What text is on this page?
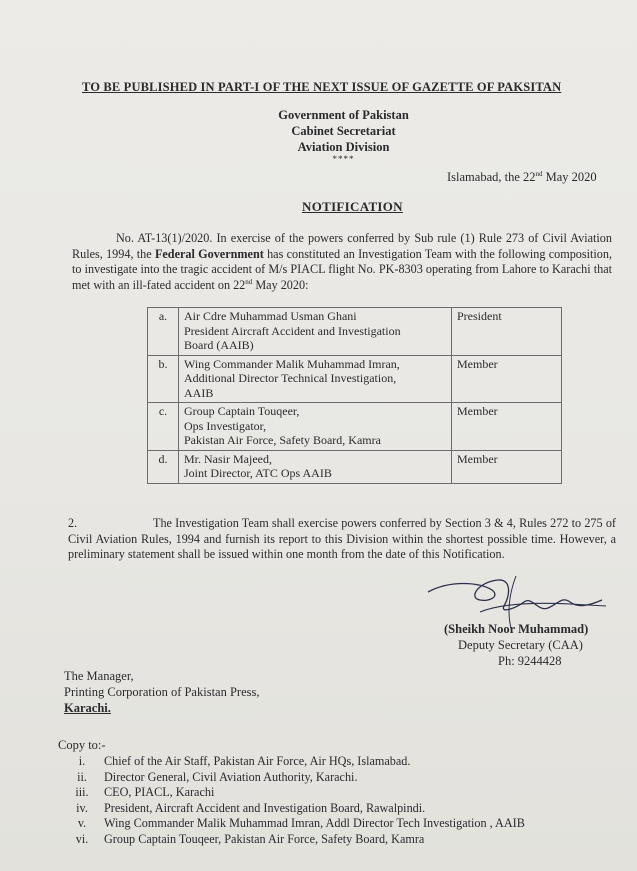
TO BE PUBLISHED IN PART-I OF THE NEXT ISSUE OF GAZETTE OF PAKSITAN
Government of Pakistan
Cabinet Secretariat
Aviation Division
****
Islamabad, the 22nd May 2020
NOTIFICATION
No. AT-13(1)/2020. In exercise of the powers conferred by Sub rule (1) Rule 273 of Civil Aviation Rules, 1994, the Federal Government has constituted an Investigation Team with the following composition, to investigate into the tragic accident of M/s PIACL flight No. PK-8303 operating from Lahore to Karachi that met with an ill-fated accident on 22nd May 2020:
a.	Air Cdre Muhammad Usman Ghani
President Aircraft Accident and Investigation
Board (AAIB)	President
b.	Wing Commander Malik Muhammad Imran,
Additional Director Technical Investigation,
AAIB	Member
c.	Group Captain Touqeer,
Ops Investigator,
Pakistan Air Force, Safety Board, Kamra	Member
d.	Mr. Nasir Majeed,
Joint Director, ATC Ops AAIB	Member
2.	The Investigation Team shall exercise powers conferred by Section 3 & 4, Rules 272 to 275 of Civil Aviation Rules, 1994 and furnish its report to this Division within the shortest possible time. However, a preliminary statement shall be issued within one month from the date of this Notification.
(Sheikh Noor Muhammad)
Deputy Secretary (CAA)
Ph: 9244428
The Manager,
Printing Corporation of Pakistan Press,
Karachi.
Copy to:-
i.	Chief of the Air Staff, Pakistan Air Force, Air HQs, Islamabad.
ii.	Director General, Civil Aviation Authority, Karachi.
iii.	CEO, PIACL, Karachi
iv.	President, Aircraft Accident and Investigation Board, Rawalpindi.
v.	Wing Commander Malik Muhammad Imran, Addl Director Tech Investigation , AAIB
vi.	Group Captain Touqeer, Pakistan Air Force, Safety Board, Kamra
